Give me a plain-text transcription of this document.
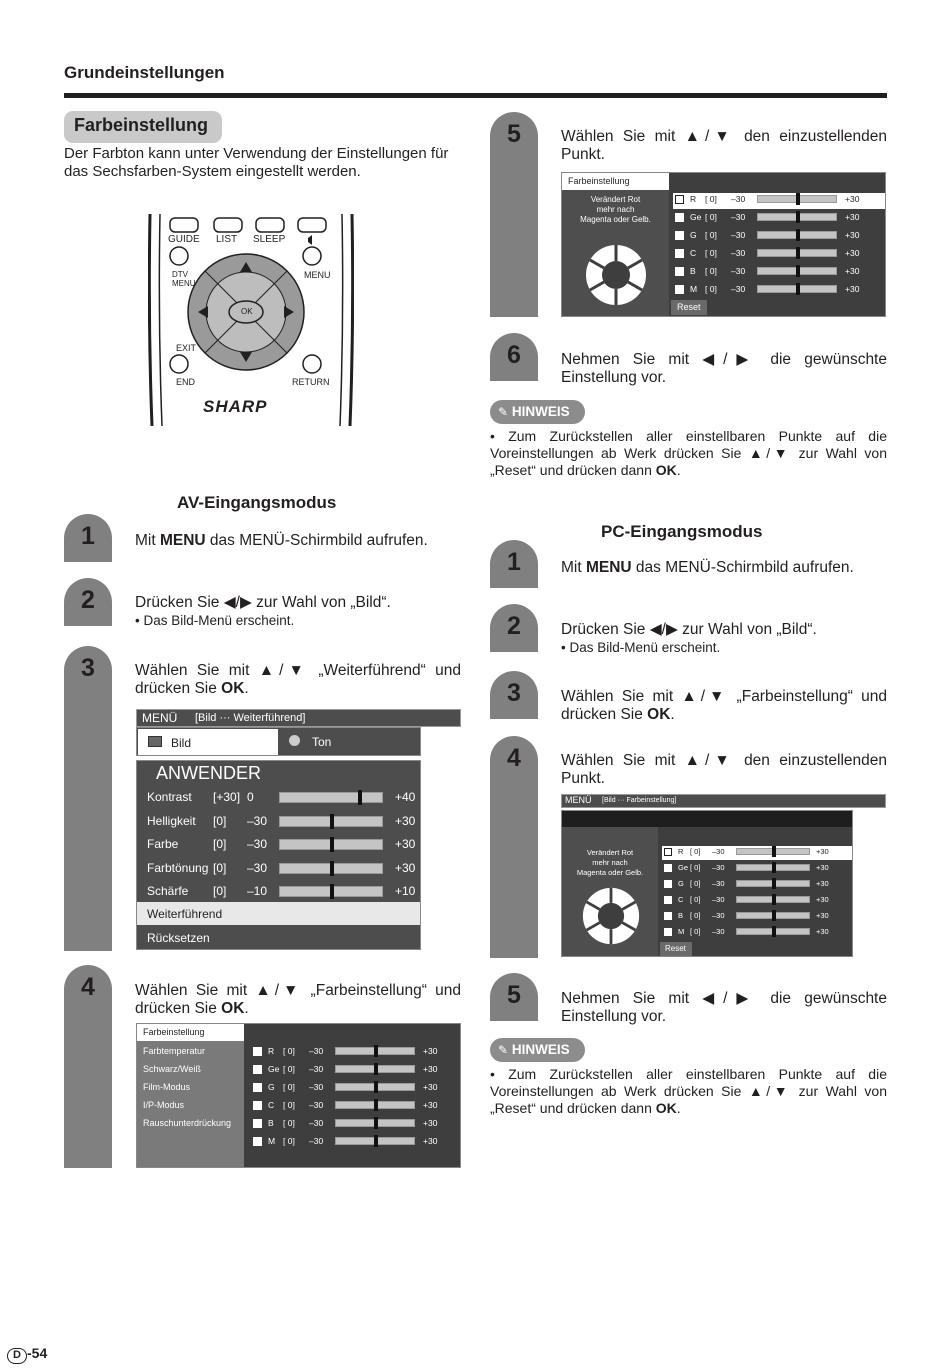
Grundeinstellungen
Farbeinstellung
Der Farbton kann unter Verwendung der Einstellungen für das Sechsfarben-System eingestellt werden.
GUIDE LIST SLEEP
DTV
MENU
MENU
OK
EXIT
END	RETURN
SHARP
AV-Eingangsmodus
1	Mit MENU das MENÜ-Schirmbild aufrufen.
2	Drücken Sie ◀/▶ zur Wahl von „Bild“.
• Das Bild-Menü erscheint.
3	Wählen Sie mit ▲/▼ „Weiterführend“ und drücken Sie OK.
MENÜ [Bild ··· Weiterführend]
Bild	Ton
ANWENDER
Kontrast [+30] 0	+40
Helligkeit [0] –30	+30
Farbe	[0] –30	+30
Farbtönung [0] –30	+30
Schärfe [0] –10	+10
Weiterführend
Rücksetzen
4	Wählen Sie mit ▲/▼ „Farbeinstellung“ und drücken Sie OK.
Farbeinstellung
Farbtemperatur
Schwarz/Weiß
Film-Modus
I/P-Modus
Rauschunterdrückung
R [ 0] –30	+30
Ge [ 0] –30	+30
G [ 0] –30	+30
C [ 0] –30	+30
B [ 0] –30	+30
M [ 0] –30	+30
5	Wählen Sie mit ▲/▼ den einzustellenden Punkt.
Farbeinstellung
Verändert Rot
mehr nach
Magenta oder Gelb.
R [ 0] –30	+30
Ge [ 0] –30	+30
G [ 0] –30	+30
C [ 0] –30	+30
B [ 0] –30	+30
M [ 0] –30	+30
Reset
6	Nehmen Sie mit ◀/▶ die gewünschte Einstellung vor.
✎ HINWEIS
• Zum Zurückstellen aller einstellbaren Punkte auf die Voreinstellungen ab Werk drücken Sie ▲/▼ zur Wahl von „Reset“ und drücken dann OK.
PC-Eingangsmodus
1	Mit MENU das MENÜ-Schirmbild aufrufen.
2	Drücken Sie ◀/▶ zur Wahl von „Bild“.
• Das Bild-Menü erscheint.
3	Wählen Sie mit ▲/▼ „Farbeinstellung“ und drücken Sie OK.
4	Wählen Sie mit ▲/▼ den einzustellenden Punkt.
MENÜ [Bild ··· Farbeinstellung]
Verändert Rot
mehr nach
Magenta oder Gelb.
R [ 0] –30	+30
Ge [ 0] –30	+30
G [ 0] –30	+30
C [ 0] –30	+30
B [ 0] –30	+30
M [ 0] –30	+30
Reset
5	Nehmen Sie mit ◀/▶ die gewünschte Einstellung vor.
✎ HINWEIS
• Zum Zurückstellen aller einstellbaren Punkte auf die Voreinstellungen ab Werk drücken Sie ▲/▼ zur Wahl von „Reset“ und drücken dann OK.
D -54
